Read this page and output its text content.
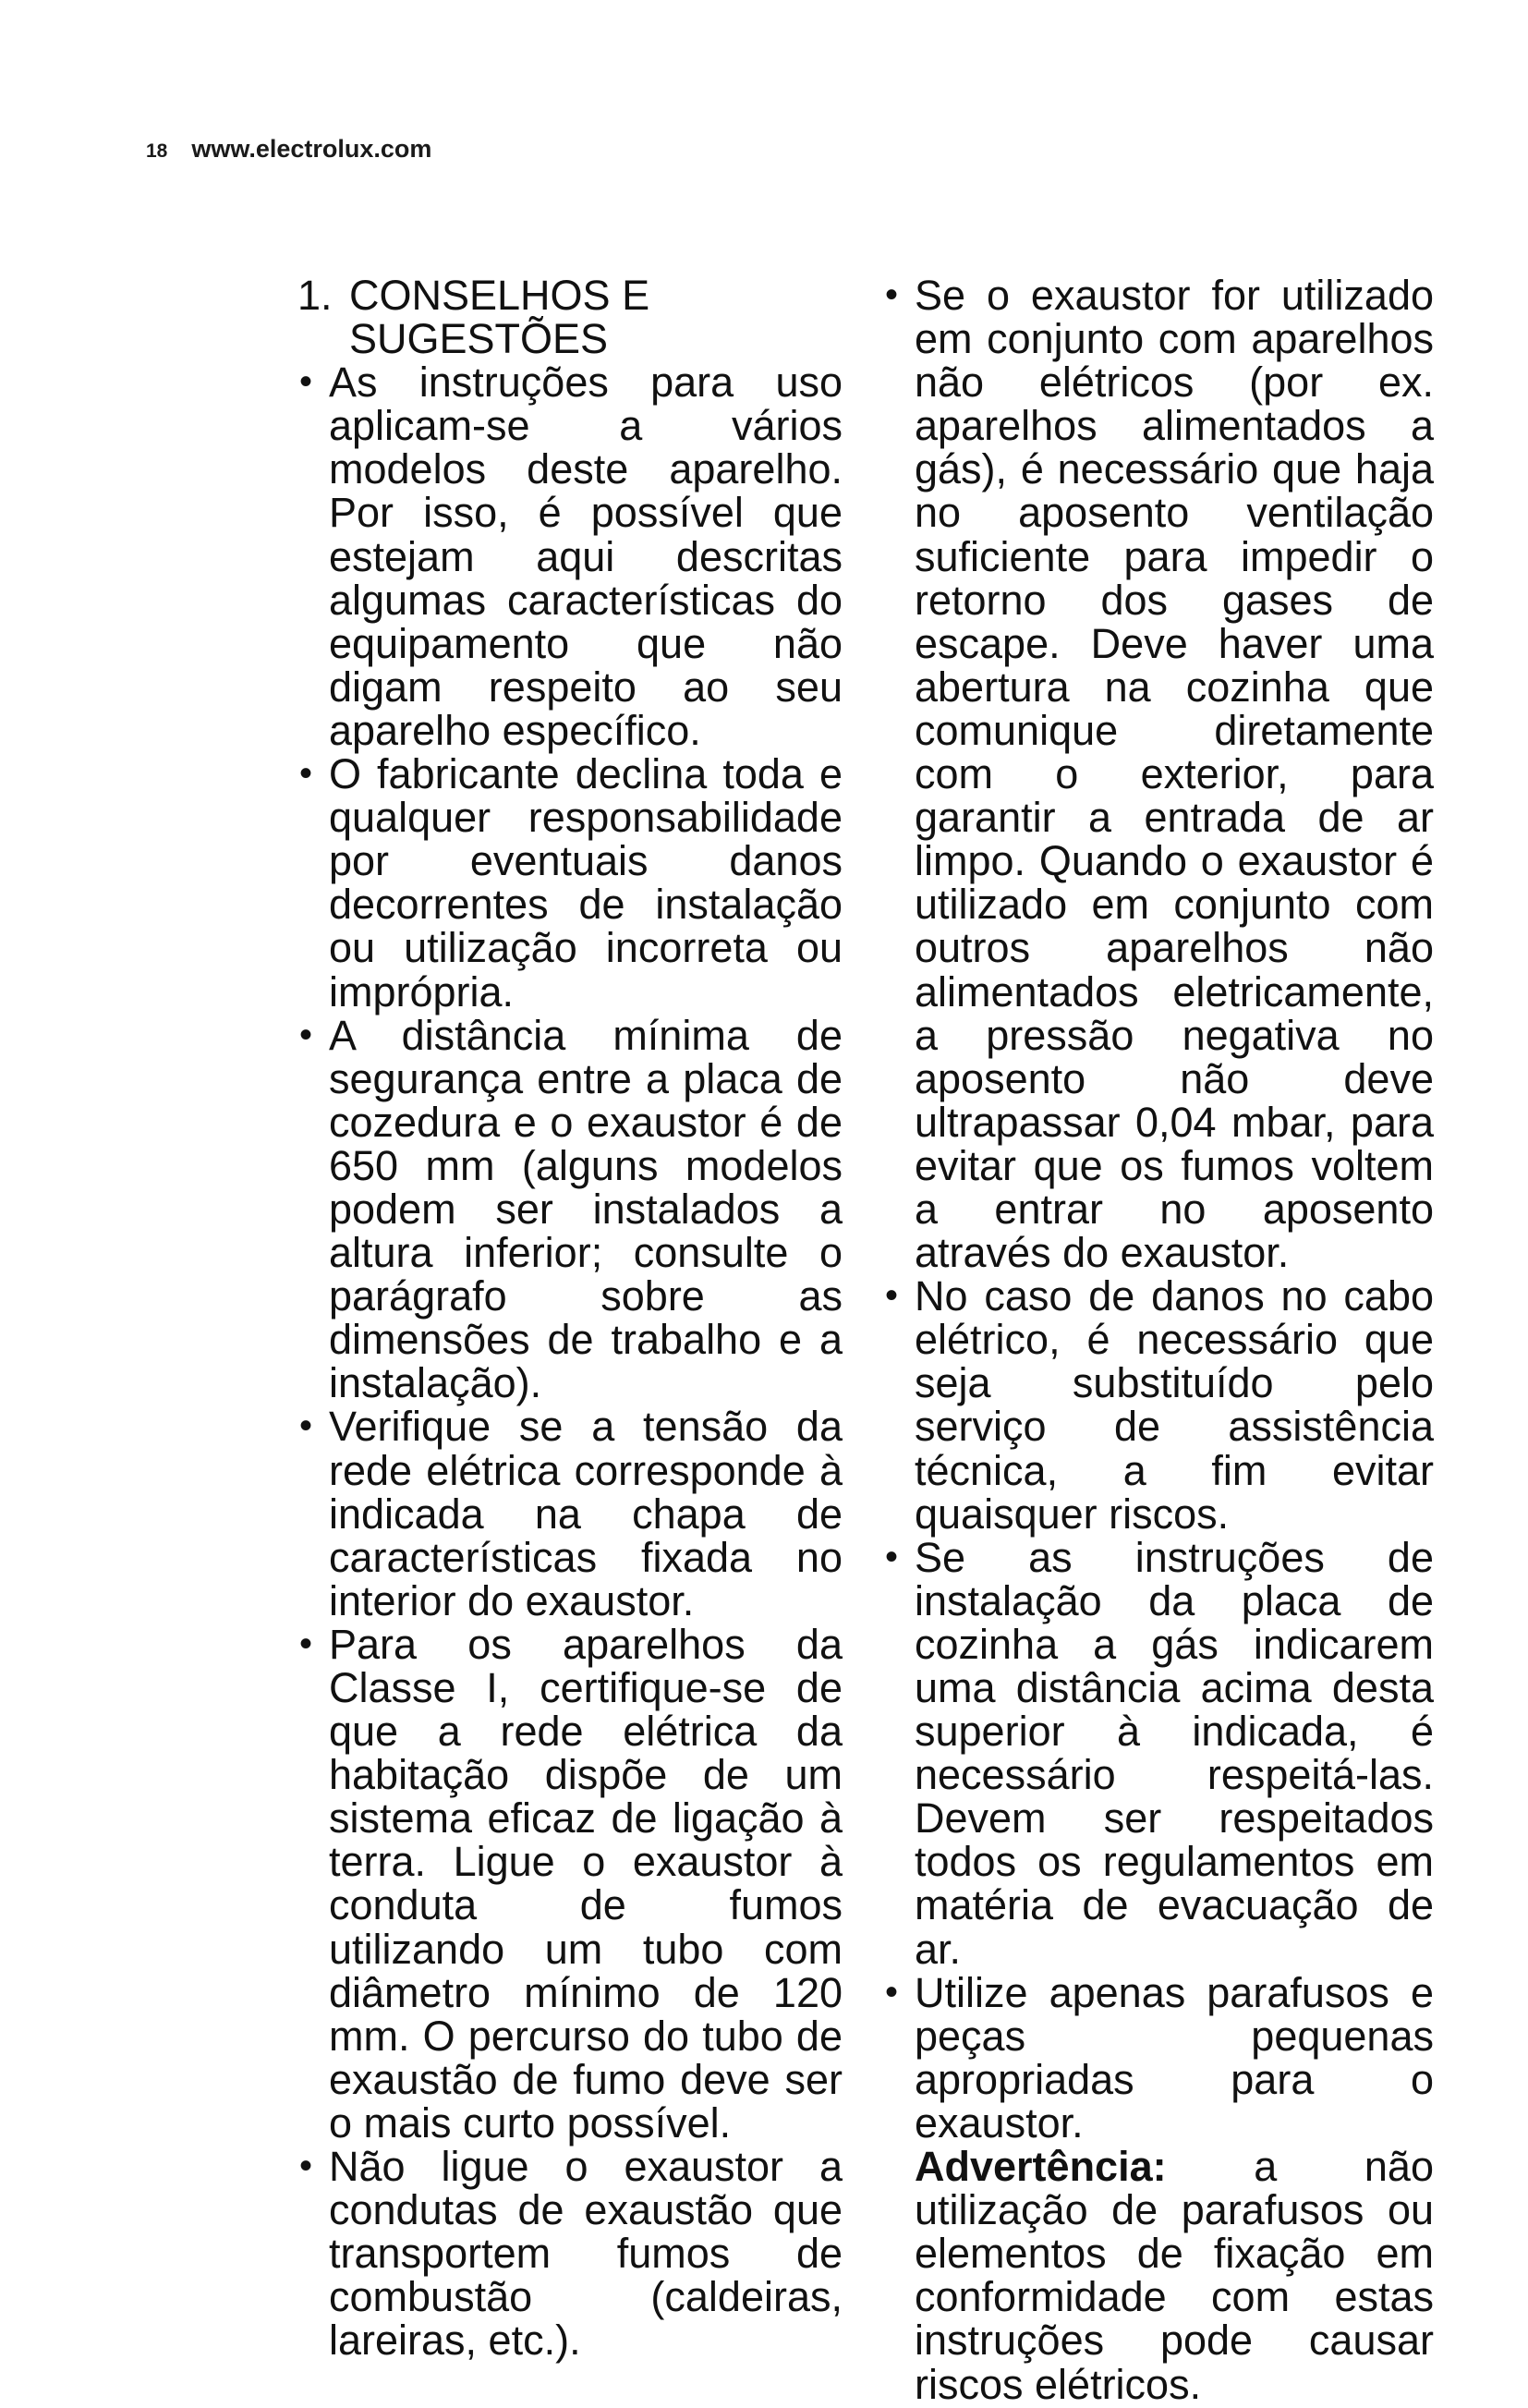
18 www.electrolux.com
1. CONSELHOS E SUGESTÕES
• As instruções para uso aplicam-se a vários modelos deste aparelho. Por isso, é possível que estejam aqui descritas algumas características do equipamento que não digam respeito ao seu aparelho específico.
• O fabricante declina toda e qualquer responsabilidade por eventuais danos decorrentes de instalação ou utilização incorreta ou imprópria.
• A distância mínima de segurança entre a placa de cozedura e o exaustor é de 650 mm (alguns modelos podem ser instalados a altura inferior; consulte o parágrafo sobre as dimensões de trabalho e a instalação).
• Verifique se a tensão da rede elétrica corresponde à indicada na chapa de características fixada no interior do exaustor.
• Para os aparelhos da Classe I, certifique-se de que a rede elétrica da habitação dispõe de um sistema eficaz de ligação à terra. Ligue o exaustor à conduta de fumos utilizando um tubo com diâmetro mínimo de 120 mm. O percurso do tubo de exaustão de fumo deve ser o mais curto possível.
• Não ligue o exaustor a condutas de exaustão que transportem fumos de combustão (caldeiras, lareiras, etc.).
• Se o exaustor for utilizado em conjunto com aparelhos não elétricos (por ex. aparelhos alimentados a gás), é necessário que haja no aposento ventilação suficiente para impedir o retorno dos gases de escape. Deve haver uma abertura na cozinha que comunique diretamente com o exterior, para garantir a entrada de ar limpo. Quando o exaustor é utilizado em conjunto com outros aparelhos não alimentados eletricamente, a pressão negativa no aposento não deve ultrapassar 0,04 mbar, para evitar que os fumos voltem a entrar no aposento através do exaustor.
• No caso de danos no cabo elétrico, é necessário que seja substituído pelo serviço de assistência técnica, a fim evitar quaisquer riscos.
• Se as instruções de instalação da placa de cozinha a gás indicarem uma distância acima desta superior à indicada, é necessário respeitá-las. Devem ser respeitados todos os regulamentos em matéria de evacuação de ar.
• Utilize apenas parafusos e peças pequenas apropriadas para o exaustor.
Advertência: a não utilização de parafusos ou elementos de fixação em conformidade com estas instruções pode causar riscos elétricos.
